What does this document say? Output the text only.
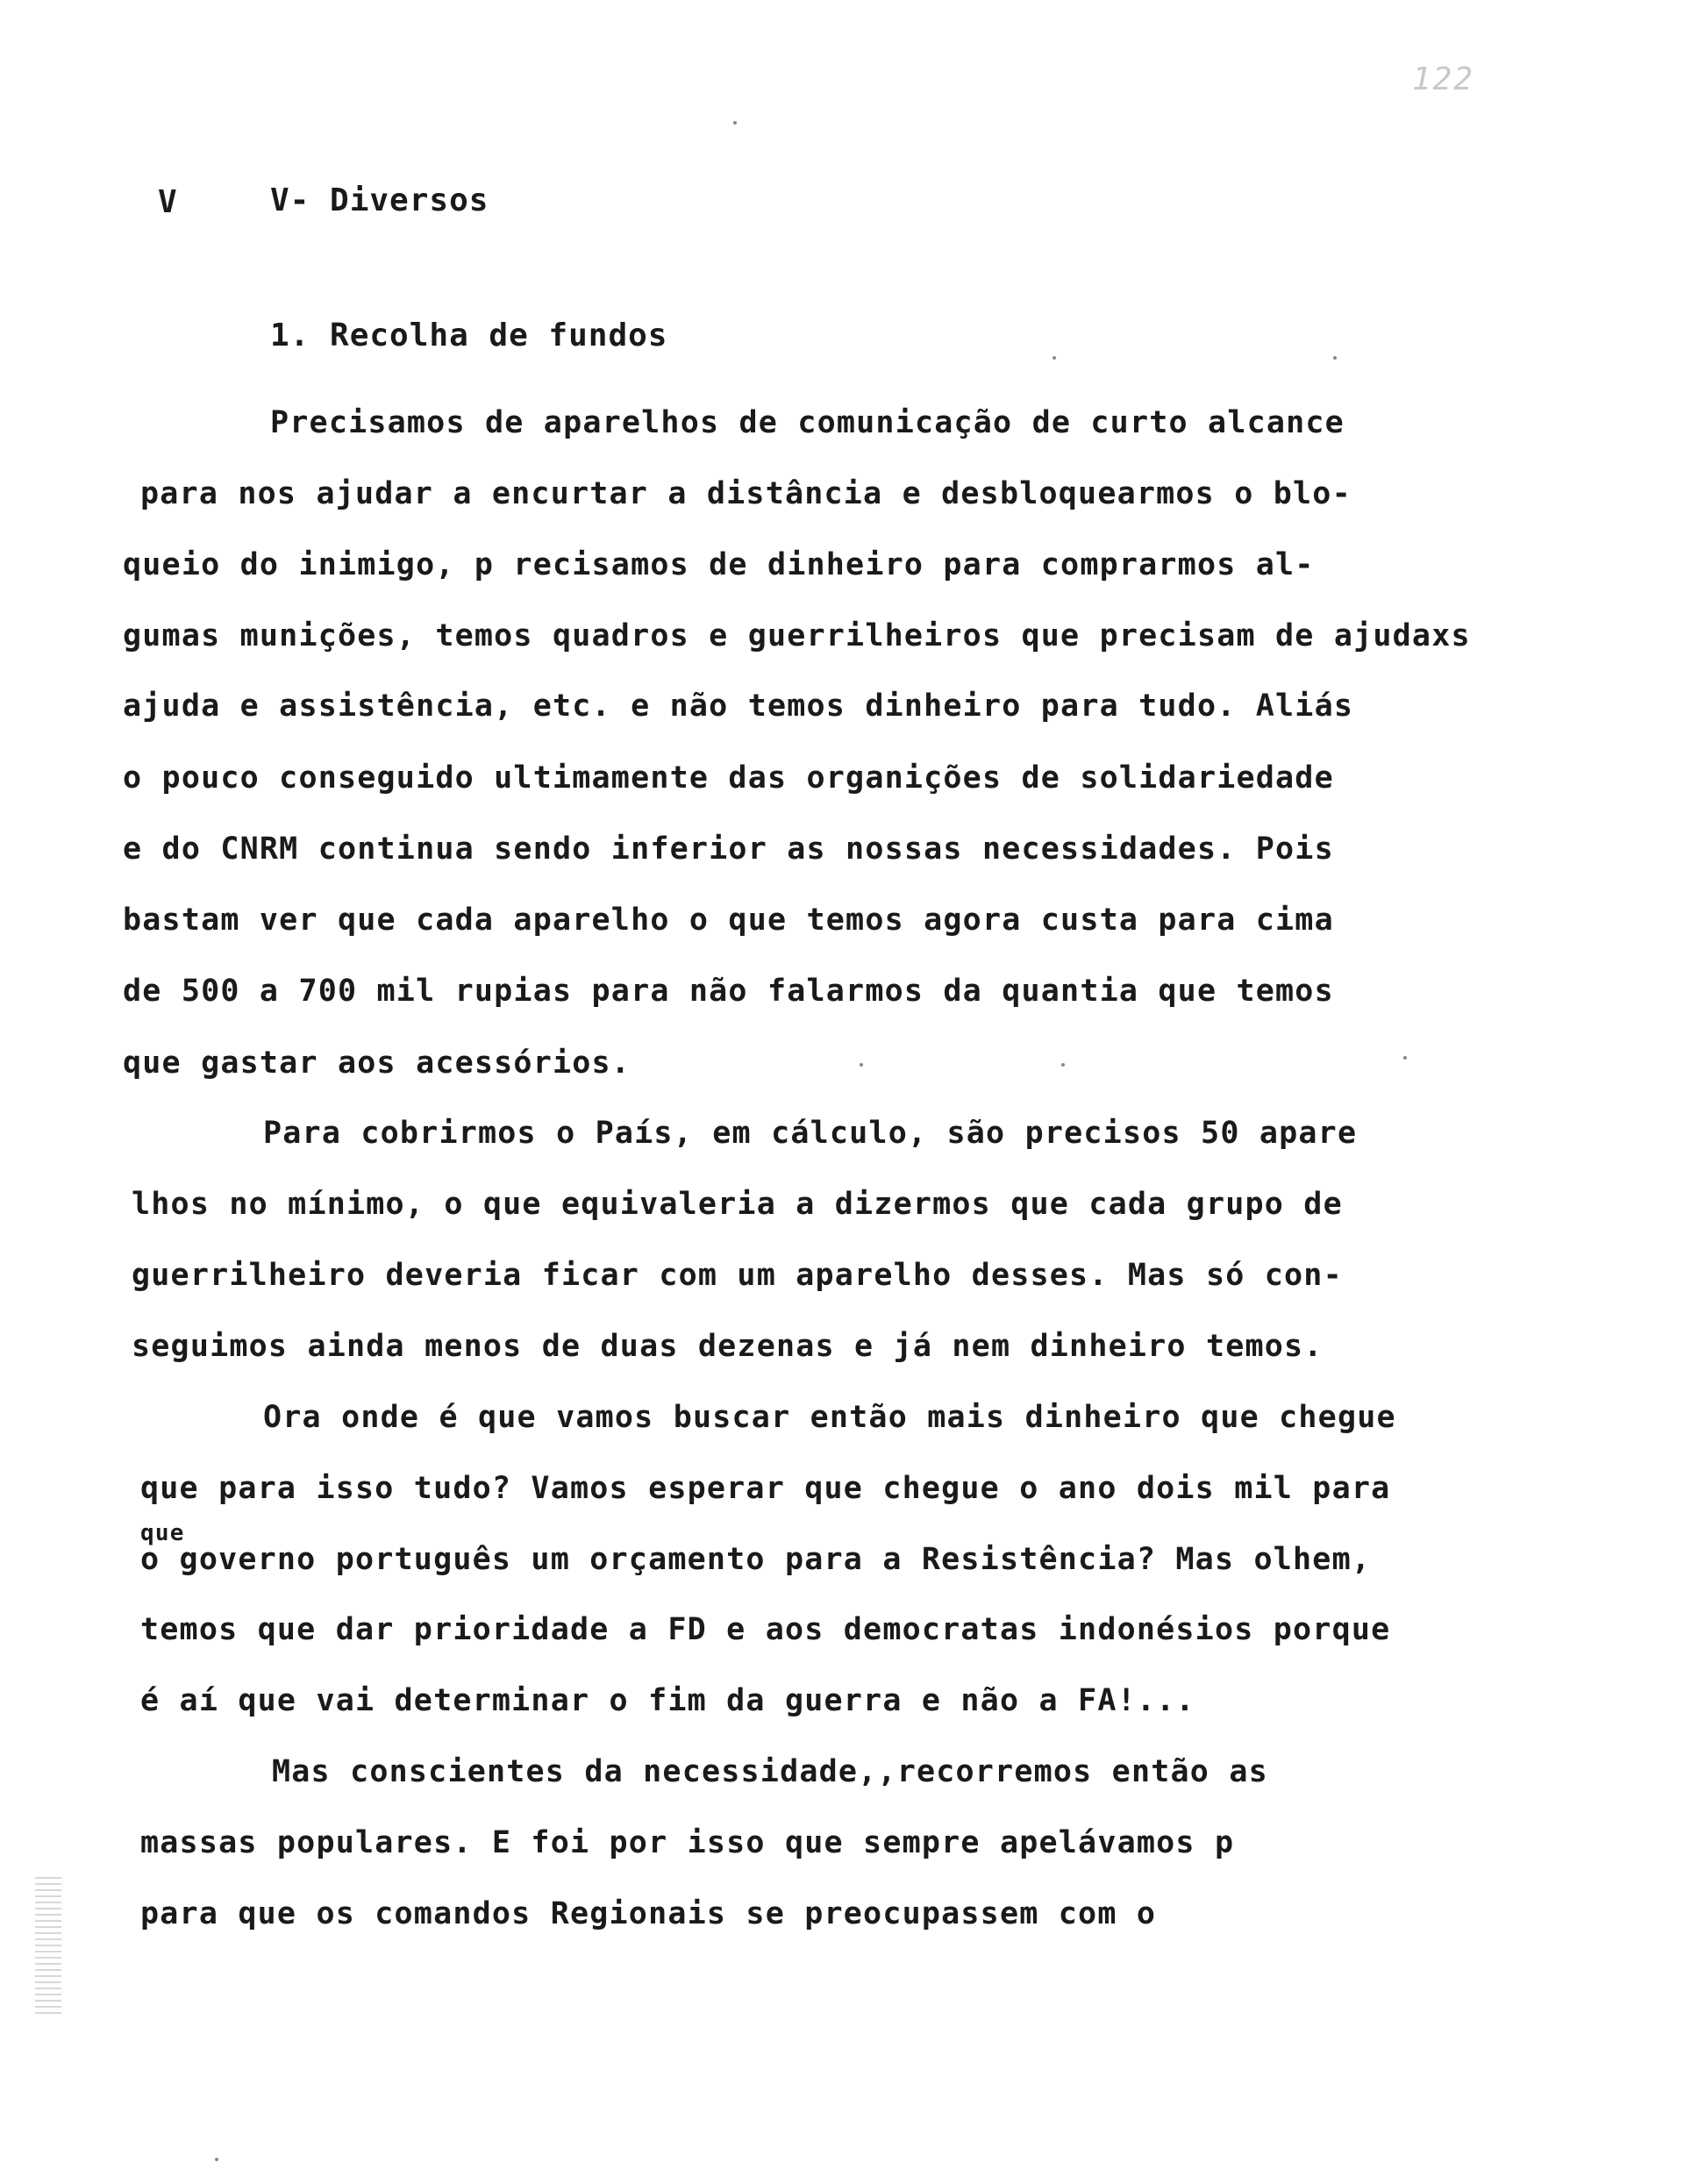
122
V	V- Diversos
1. Recolha de fundos
Precisamos de aparelhos de comunicação de curto alcance
para nos ajudar a encurtar a distância e desbloquearmos o blo-
queio do inimigo, p recisamos de dinheiro para comprarmos al-
gumas munições, temos quadros e guerrilheiros que precisam de ajudaxs
ajuda e assistência, etc. e não temos dinheiro para tudo. Aliás
o pouco conseguido ultimamente das organições de solidariedade
e do CNRM continua sendo inferior as nossas necessidades. Pois
bastam ver que cada aparelho o que temos agora custa para cima
de 500 a 700 mil rupias para não falarmos da quantia que temos
que gastar aos acessórios.
Para cobrirmos o País, em cálculo, são precisos 50 apare
lhos no mínimo, o que equivaleria a dizermos que cada grupo de
guerrilheiro deveria ficar com um aparelho desses. Mas só con-
seguimos ainda menos de duas dezenas e já nem dinheiro temos.
Ora onde é que vamos buscar então mais dinheiro que chegue
que para isso tudo? Vamos esperar que chegue o ano dois mil para
que
o governo português um orçamento para a Resistência? Mas olhem,
temos que dar prioridade a FD e aos democratas indonésios porque
é aí que vai determinar o fim da guerra e não a FA!...
Mas conscientes da necessidade,,recorremos então as
massas populares. E foi por isso que sempre apelávamos p
para que os comandos Regionais se preocupassem com o
